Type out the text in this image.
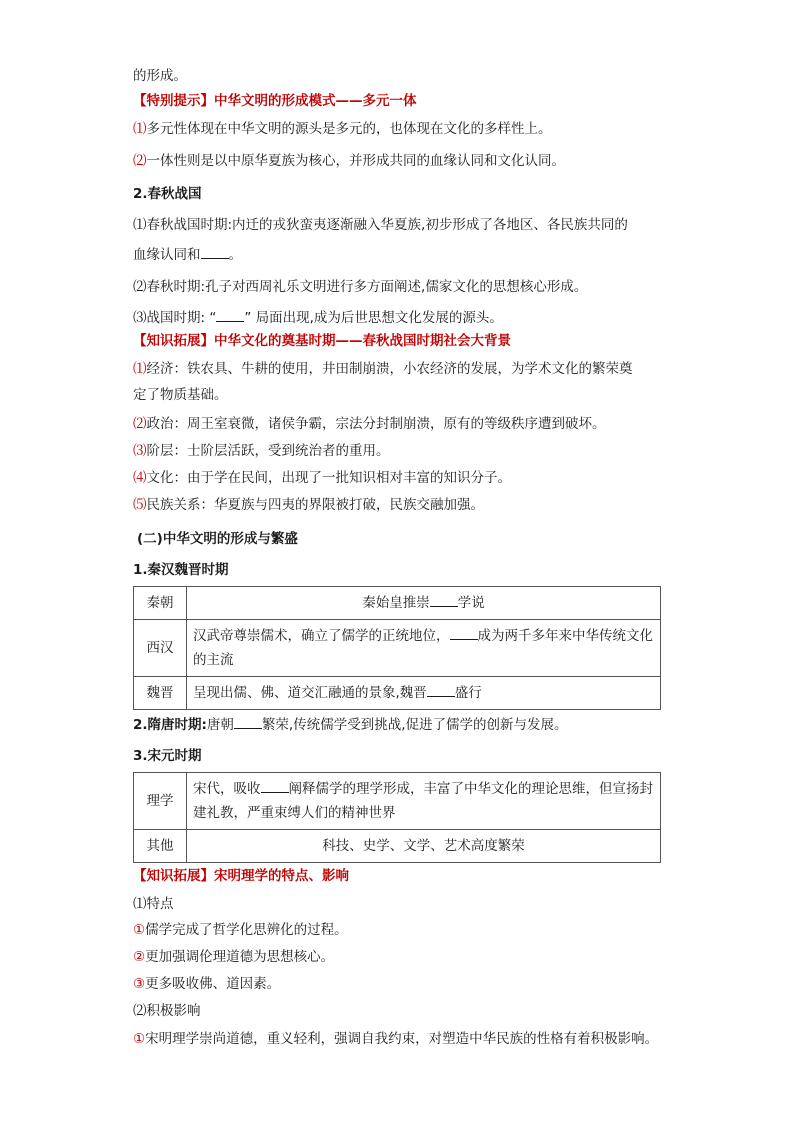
的形成。
【特别提示】中华文明的形成模式——多元一体
⑴多元性体现在中华文明的源头是多元的，也体现在文化的多样性上。
⑵一体性则是以中原华夏族为核心，并形成共同的血缘认同和文化认同。
2.春秋战国
⑴春秋战国时期:内迁的戎狄蛮夷逐渐融入华夏族,初步形成了各地区、各民族共同的
血缘认同和 。
⑵春秋时期:孔子对西周礼乐文明进行多方面阐述,儒家文化的思想核心形成。
⑶战国时期: “ ” 局面出现,成为后世思想文化发展的源头。
【知识拓展】中华文化的奠基时期——春秋战国时期社会大背景
⑴经济：铁农具、牛耕的使用，井田制崩溃，小农经济的发展，为学术文化的繁荣奠
定了物质基础。
⑵政治：周王室衰微，诸侯争霸，宗法分封制崩溃，原有的等级秩序遭到破坏。
⑶阶层：士阶层活跃，受到统治者的重用。
⑷文化：由于学在民间，出现了一批知识相对丰富的知识分子。
⑸民族关系：华夏族与四夷的界限被打破，民族交融加强。
(二)中华文明的形成与繁盛
1.秦汉魏晋时期
秦朝	秦始皇推崇 学说
西汉	汉武帝尊崇儒术，确立了儒学的正统地位， 成为两千多年来中华传统文化的主流
魏晋	呈现出儒、佛、道交汇融通的景象,魏晋 盛行
2.隋唐时期:唐朝 繁荣,传统儒学受到挑战,促进了儒学的创新与发展。
3.宋元时期
理学	宋代，吸收 阐释儒学的理学形成，丰富了中华文化的理论思维，但宣扬封建礼教，严重束缚人们的精神世界
其他	科技、史学、文学、艺术高度繁荣
【知识拓展】宋明理学的特点、影响
⑴特点
①儒学完成了哲学化思辨化的过程。
②更加强调伦理道德为思想核心。
③更多吸收佛、道因素。
⑵积极影响
①宋明理学崇尚道德，重义轻利，强调自我约束，对塑造中华民族的性格有着积极影响。
